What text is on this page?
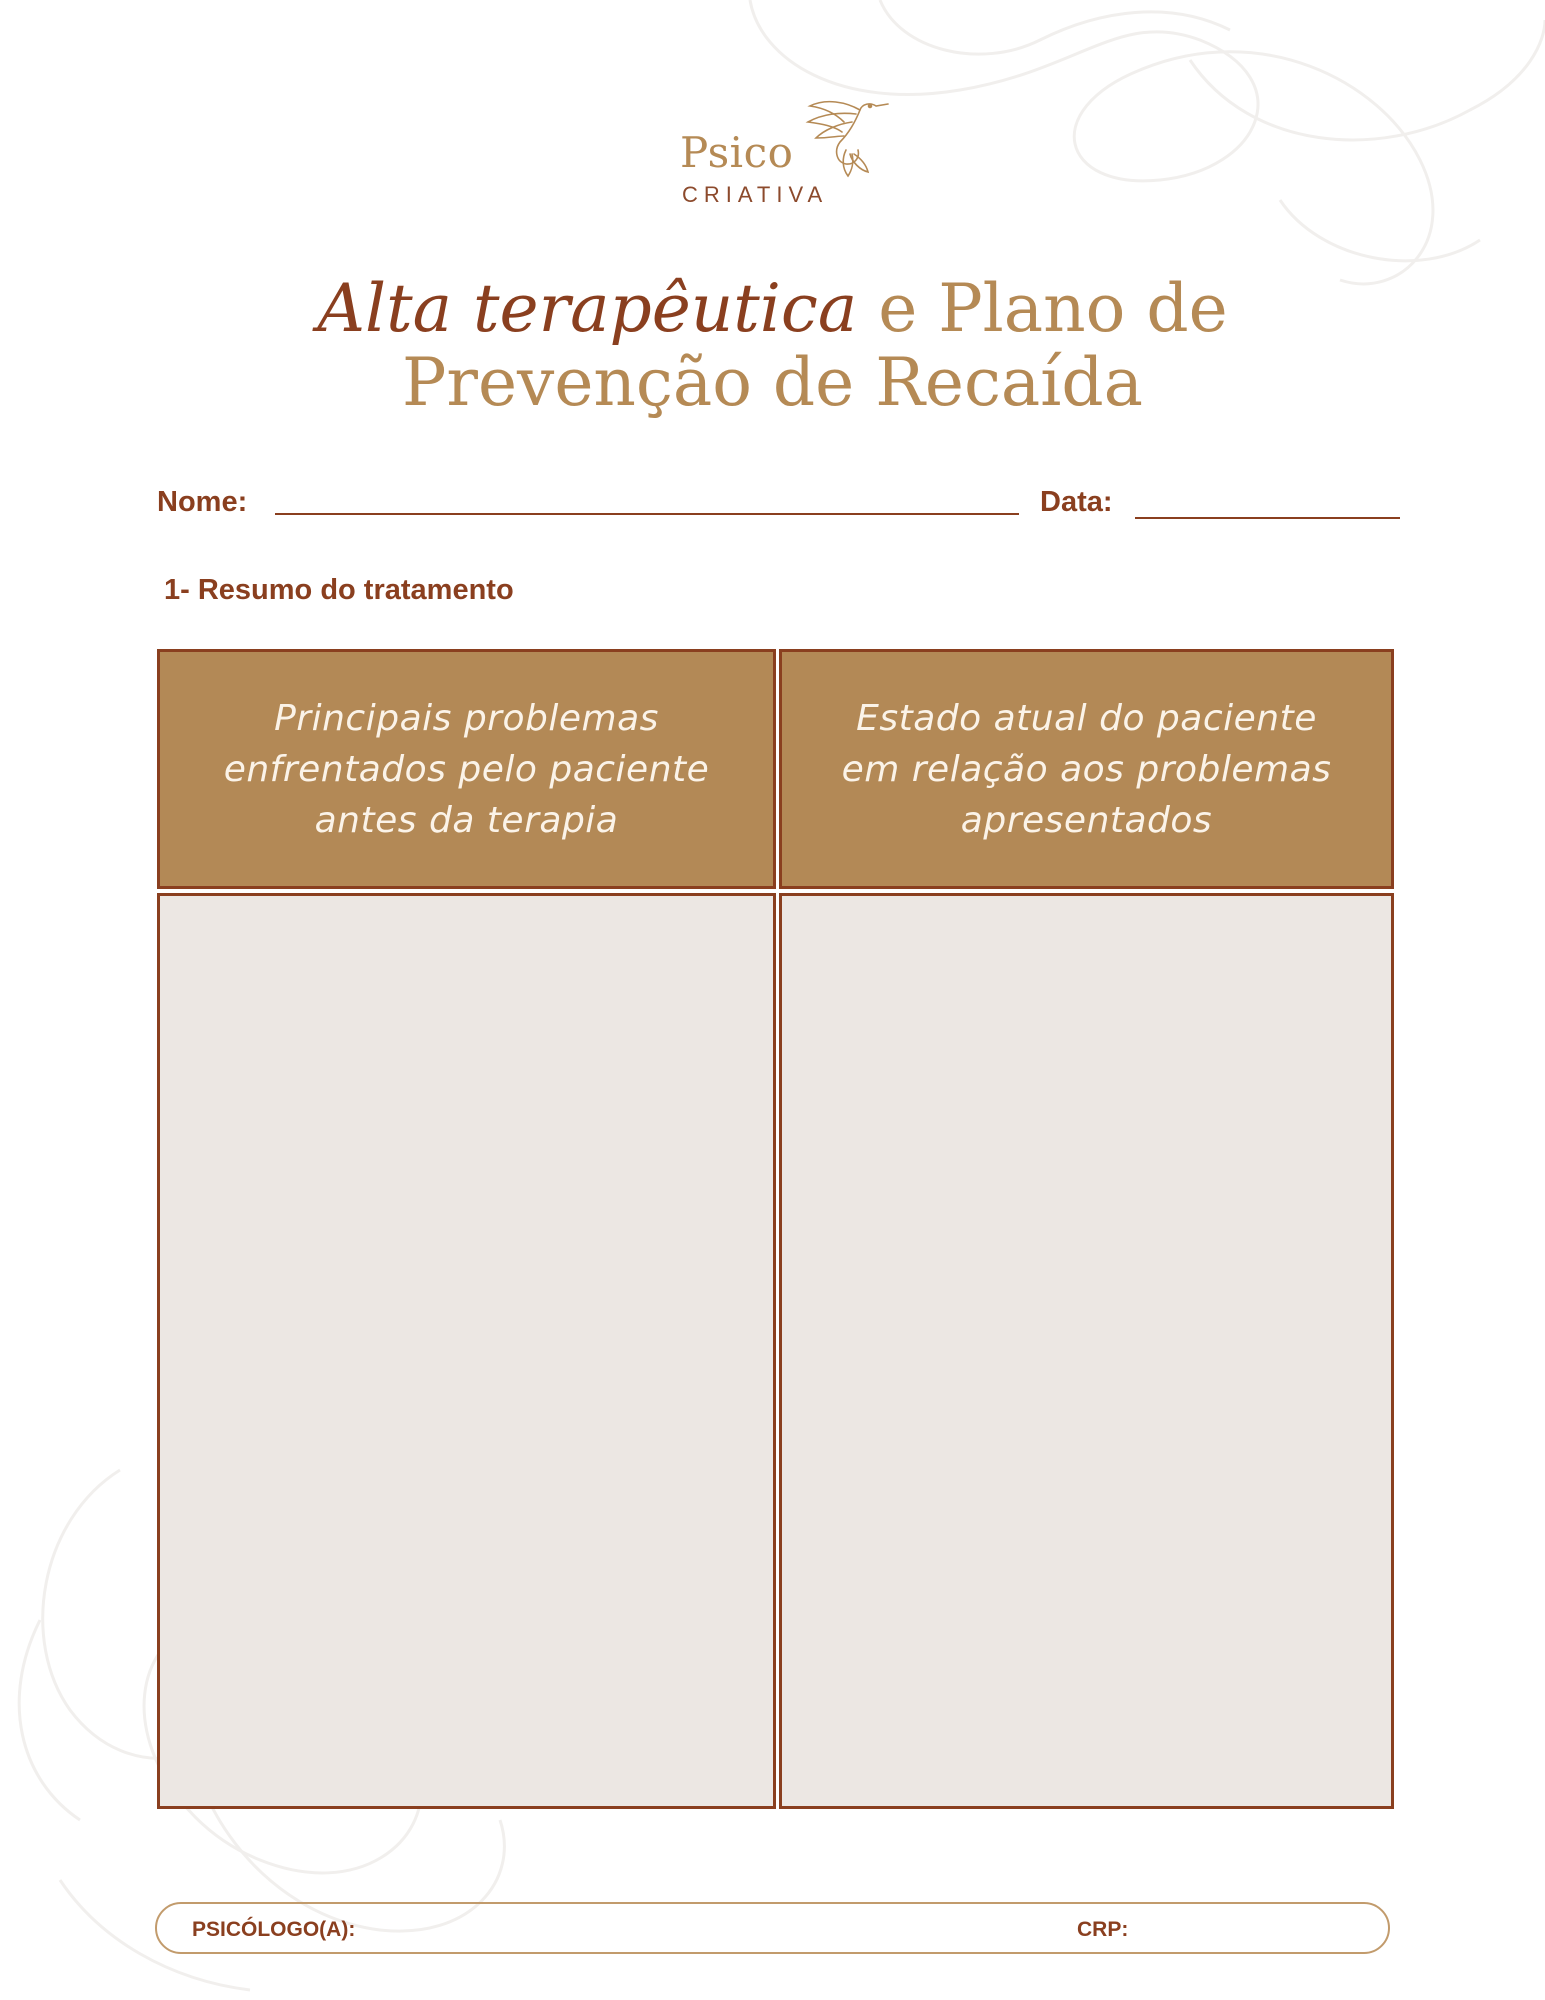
Psico
CRIATIVA
Alta terapêutica e Plano de
Prevenção de Recaída
Nome:	Data:
1- Resumo do tratamento
Principais problemas
enfrentados pelo paciente
antes da terapia
Estado atual do paciente
em relação aos problemas
apresentados
PSICÓLOGO(A):	CRP:
